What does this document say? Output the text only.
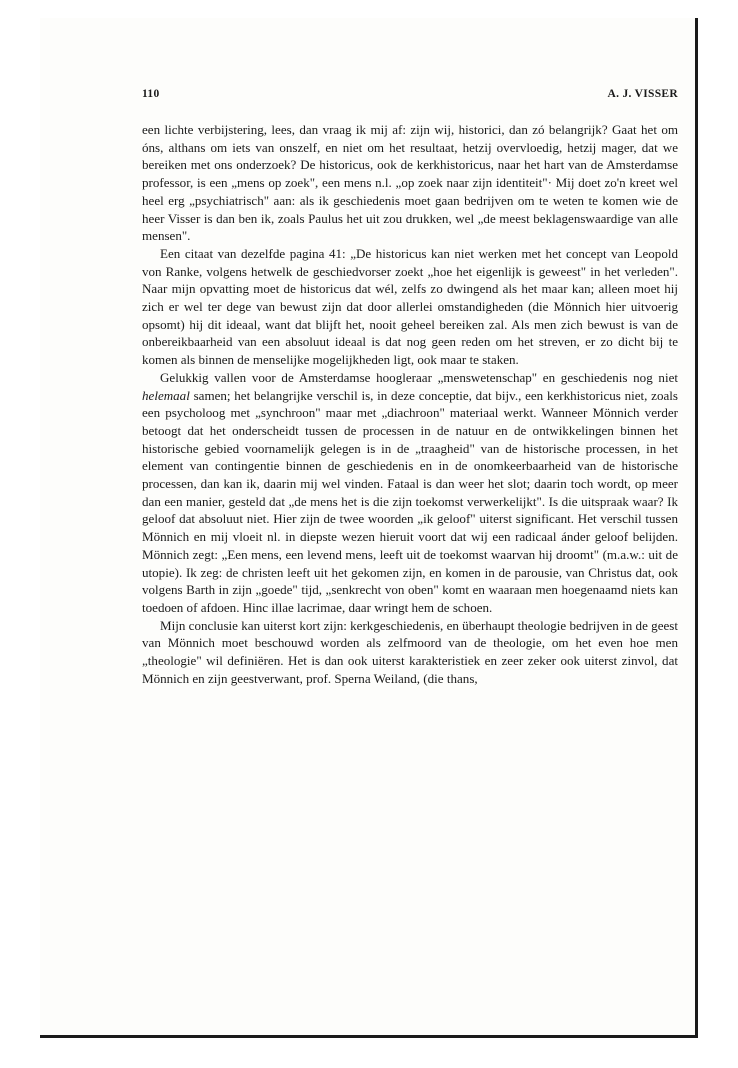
110	A. J. VISSER

een lichte verbijstering, lees, dan vraag ik mij af: zijn wij, historici, dan zó belangrijk? Gaat het om óns, althans om iets van onszelf, en niet om het resultaat, hetzij overvloedig, hetzij mager, dat we bereiken met ons onderzoek? De historicus, ook de kerkhistoricus, naar het hart van de Amsterdamse professor, is een „mens op zoek", een mens n.l. „op zoek naar zijn identiteit"· Mij doet zo'n kreet wel heel erg „psychiatrisch" aan: als ik geschiedenis moet gaan bedrijven om te weten te komen wie de heer Visser is dan ben ik, zoals Paulus het uit zou drukken, wel „de meest beklagenswaardige van alle mensen".

Een citaat van dezelfde pagina 41: „De historicus kan niet werken met het concept van Leopold von Ranke, volgens hetwelk de geschiedvorser zoekt „hoe het eigenlijk is geweest" in het verleden". Naar mijn opvatting moet de historicus dat wél, zelfs zo dwingend als het maar kan; alleen moet hij zich er wel ter dege van bewust zijn dat door allerlei omstandigheden (die Mönnich hier uitvoerig opsomt) hij dit ideaal, want dat blijft het, nooit geheel bereiken zal. Als men zich bewust is van de onbereikbaarheid van een absoluut ideaal is dat nog geen reden om het streven, er zo dicht bij te komen als binnen de menselijke mogelijkheden ligt, ook maar te staken.

Gelukkig vallen voor de Amsterdamse hoogleraar „menswetenschap" en geschiedenis nog niet helemaal samen; het belangrijke verschil is, in deze conceptie, dat bijv., een kerkhistoricus niet, zoals een psycholoog met „synchroon" maar met „diachroon" materiaal werkt. Wanneer Mönnich verder betoogt dat het onderscheidt tussen de processen in de natuur en de ontwikkelingen binnen het historische gebied voornamelijk gelegen is in de „traagheid" van de historische processen, in het element van contingentie binnen de geschiedenis en in de onomkeerbaarheid van de historische processen, dan kan ik, daarin mij wel vinden. Fataal is dan weer het slot; daarin toch wordt, op meer dan een manier, gesteld dat „de mens het is die zijn toekomst verwerkelijkt". Is die uitspraak waar? Ik geloof dat absoluut niet. Hier zijn de twee woorden „ik geloof" uiterst significant. Het verschil tussen Mönnich en mij vloeit nl. in diepste wezen hieruit voort dat wij een radicaal ánder geloof belijden. Mönnich zegt: „Een mens, een levend mens, leeft uit de toekomst waarvan hij droomt" (m.a.w.: uit de utopie). Ik zeg: de christen leeft uit het gekomen zijn, en komen in de parousie, van Christus dat, ook volgens Barth in zijn „goede" tijd, „senkrecht von oben" komt en waaraan men hoegenaamd niets kan toedoen of afdoen. Hinc illae lacrimae, daar wringt hem de schoen.

Mijn conclusie kan uiterst kort zijn: kerkgeschiedenis, en überhaupt theologie bedrijven in de geest van Mönnich moet beschouwd worden als zelfmoord van de theologie, om het even hoe men „theologie" wil definiëren. Het is dan ook uiterst karakteristiek en zeer zeker ook uiterst zinvol, dat Mönnich en zijn geestverwant, prof. Sperna Weiland, (die thans,
